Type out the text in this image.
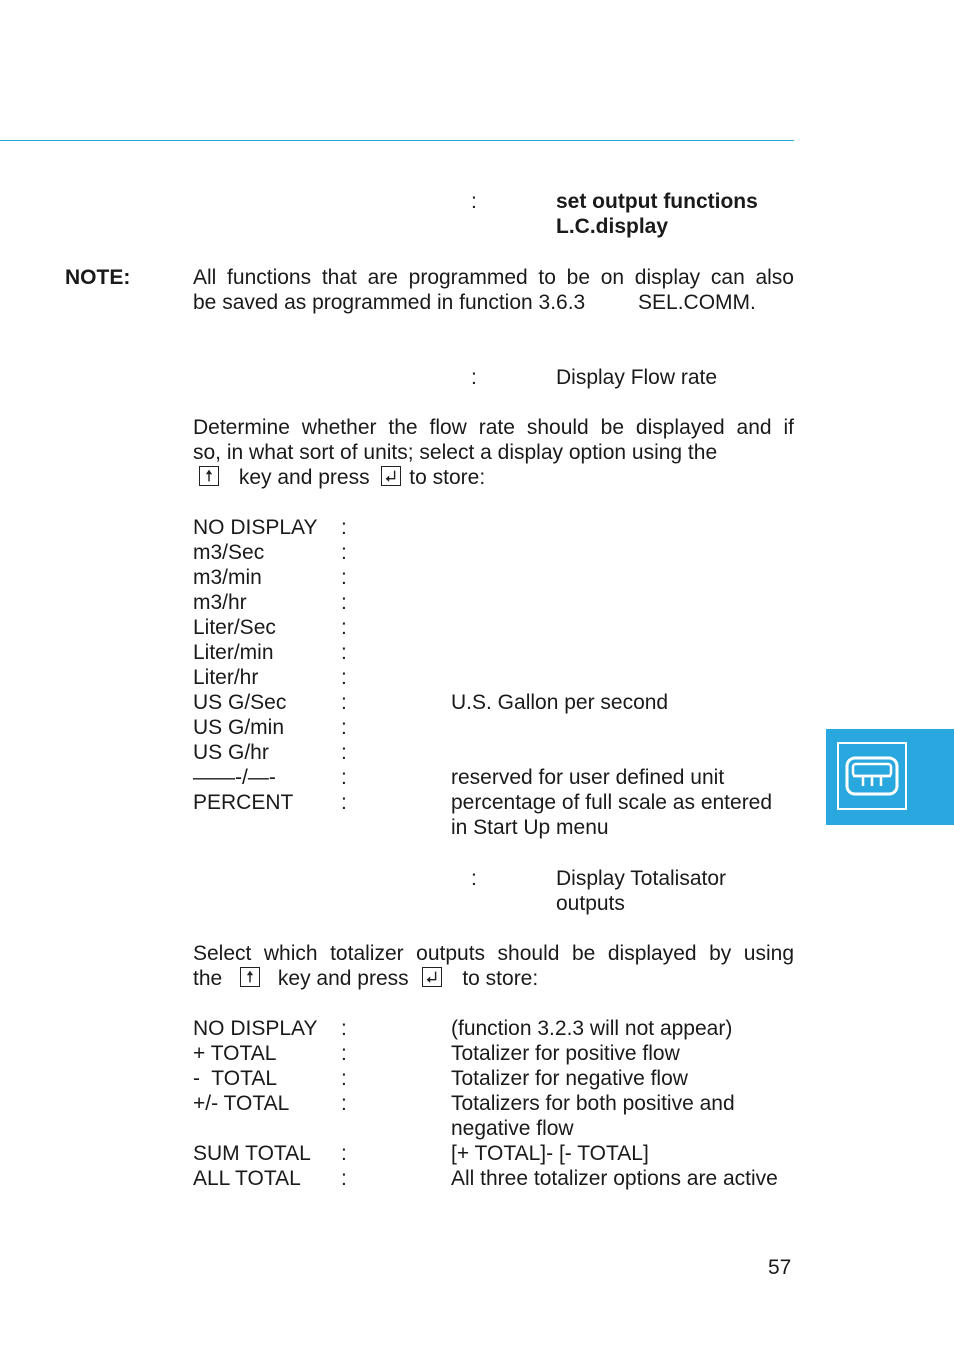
:	set output functions
L.C.display
NOTE:	All functions that are programmed to be on display can also
be saved as programmed in function 3.6.3	SEL.COMM.
:	Display Flow rate
Determine whether the flow rate should be displayed and if
so, in what sort of units; select a display option using the
key and press to store:
NO DISPLAY :
m3/Sec	:
m3/min	:
m3/hr	:
Liter/Sec	:
Liter/min	:
Liter/hr	:
US G/Sec	:	U.S. Gallon per second
US G/min	:
US G/hr	:
——-/—-	:	reserved for user defined unit
PERCENT :	percentage of full scale as entered
in Start Up menu
:	Display Totalisator
outputs
Select which totalizer outputs should be displayed by using
the	key and press	to store:
NO DISPLAY :	(function 3.2.3 will not appear)
+ TOTAL	:	Totalizer for positive flow
-  TOTAL	:	Totalizer for negative flow
+/- TOTAL :	Totalizers for both positive and
negative flow
SUM TOTAL :	[+ TOTAL]- [- TOTAL]
ALL TOTAL :	All three totalizer options are active
57
